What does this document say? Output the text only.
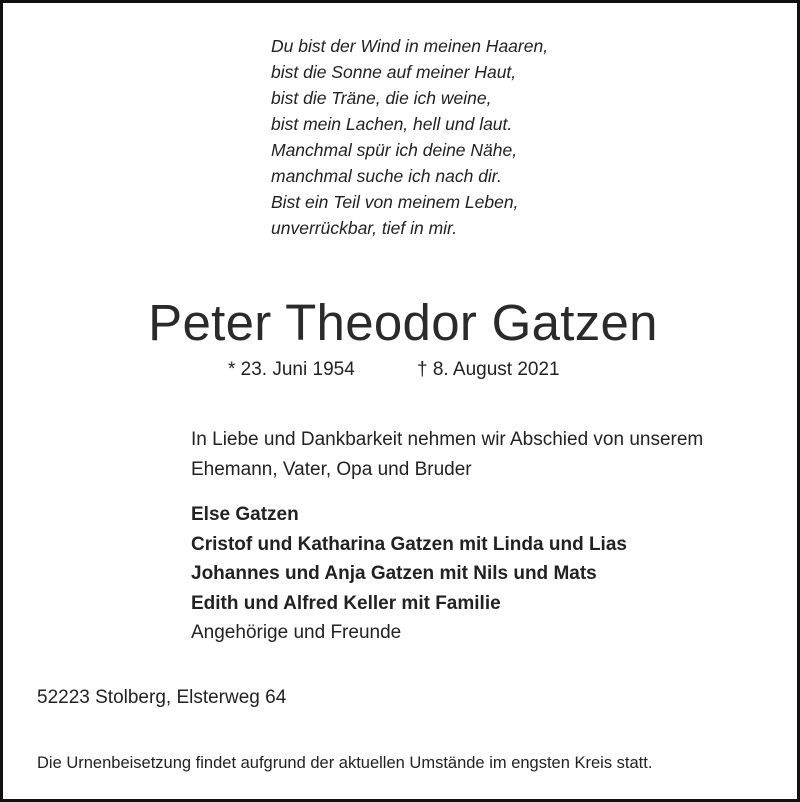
Du bist der Wind in meinen Haaren,
bist die Sonne auf meiner Haut,
bist die Träne, die ich weine,
bist mein Lachen, hell und laut.
Manchmal spür ich deine Nähe,
manchmal suche ich nach dir.
Bist ein Teil von meinem Leben,
unverrückbar, tief in mir.
Peter Theodor Gatzen
* 23. Juni 1954	† 8. August 2021
In Liebe und Dankbarkeit nehmen wir Abschied von unserem
Ehemann, Vater, Opa und Bruder
Else Gatzen
Cristof und Katharina Gatzen mit Linda und Lias
Johannes und Anja Gatzen mit Nils und Mats
Edith und Alfred Keller mit Familie
Angehörige und Freunde
52223 Stolberg, Elsterweg 64
Die Urnenbeisetzung findet aufgrund der aktuellen Umstände im engsten Kreis statt.
